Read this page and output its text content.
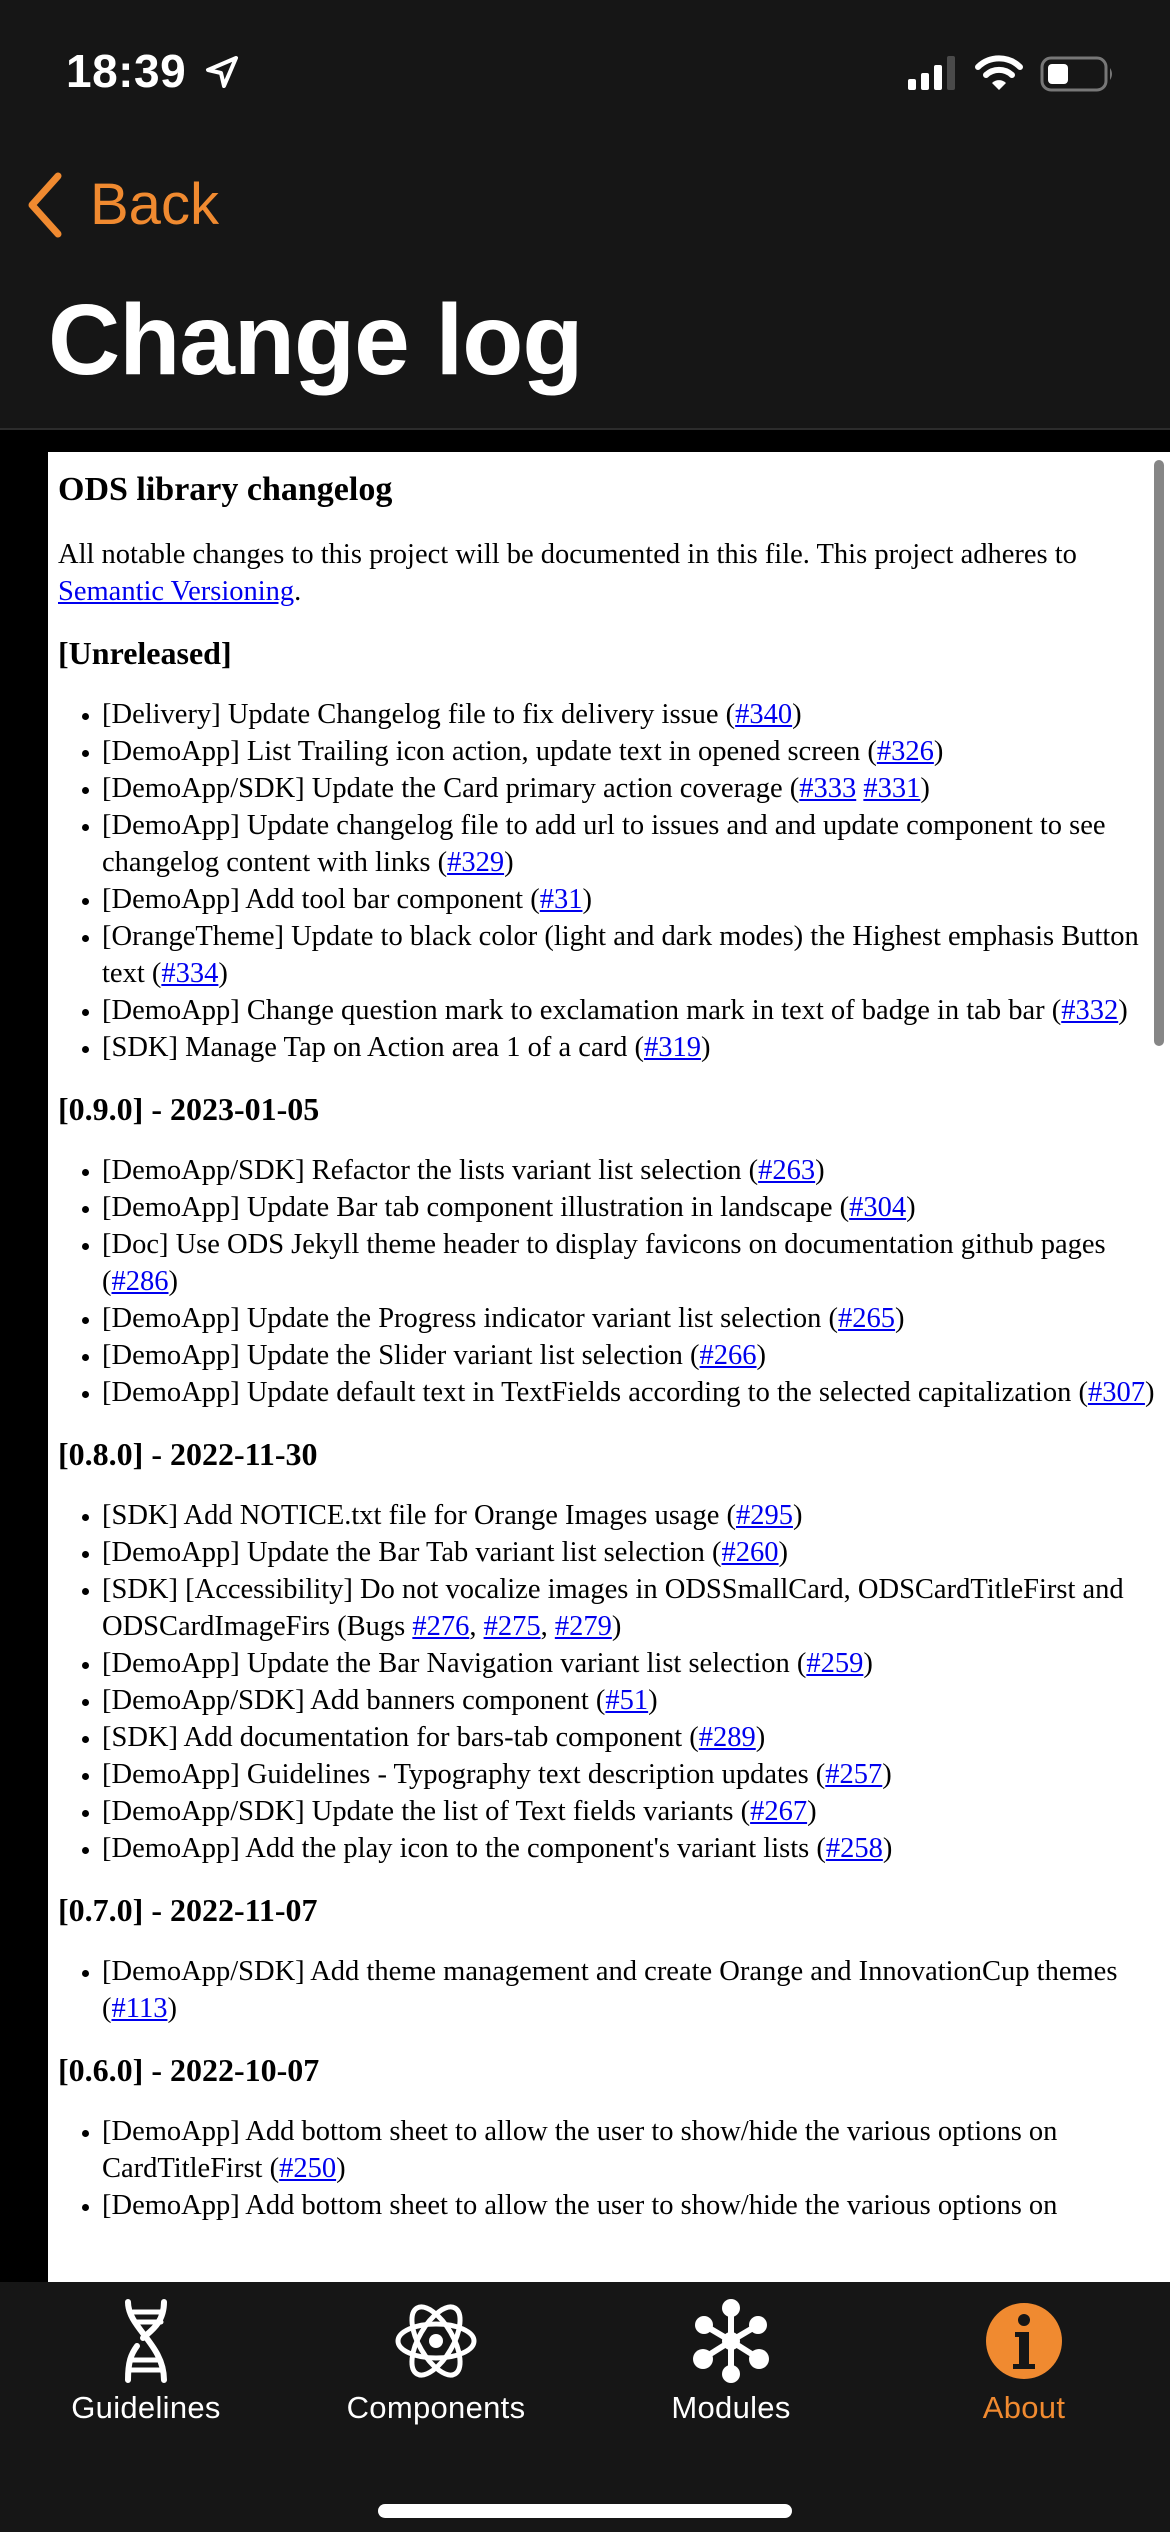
18:39
Back
Change log
ODS library changelog

All notable changes to this project will be documented in this file. This project adheres to Semantic Versioning.

[Unreleased]
• [Delivery] Update Changelog file to fix delivery issue (#340)
• [DemoApp] List Trailing icon action, update text in opened screen (#326)
• [DemoApp/SDK] Update the Card primary action coverage (#333 #331)
• [DemoApp] Update changelog file to add url to issues and and update component to see changelog content with links (#329)
• [DemoApp] Add tool bar component (#31)
• [OrangeTheme] Update to black color (light and dark modes) the Highest emphasis Button text (#334)
• [DemoApp] Change question mark to exclamation mark in text of badge in tab bar (#332)
• [SDK] Manage Tap on Action area 1 of a card (#319)
[0.9.0] - 2023-01-05
• [DemoApp/SDK] Refactor the lists variant list selection (#263)
• [DemoApp] Update Bar tab component illustration in landscape (#304)
• [Doc] Use ODS Jekyll theme header to display favicons on documentation github pages (#286)
• [DemoApp] Update the Progress indicator variant list selection (#265)
• [DemoApp] Update the Slider variant list selection (#266)
• [DemoApp] Update default text in TextFields according to the selected capitalization (#307)
[0.8.0] - 2022-11-30
• [SDK] Add NOTICE.txt file for Orange Images usage (#295)
• [DemoApp] Update the Bar Tab variant list selection (#260)
• [SDK] [Accessibility] Do not vocalize images in ODSSmallCard, ODSCardTitleFirst and ODSCardImageFirs (Bugs #276, #275, #279)
• [DemoApp] Update the Bar Navigation variant list selection (#259)
• [DemoApp/SDK] Add banners component (#51)
• [SDK] Add documentation for bars-tab component (#289)
• [DemoApp] Guidelines - Typography text description updates (#257)
• [DemoApp/SDK] Update the list of Text fields variants (#267)
• [DemoApp] Add the play icon to the component's variant lists (#258)
[0.7.0] - 2022-11-07
• [DemoApp/SDK] Add theme management and create Orange and InnovationCup themes (#113)
[0.6.0] - 2022-10-07
• [DemoApp] Add bottom sheet to allow the user to show/hide the various options on CardTitleFirst (#250)
• [DemoApp] Add bottom sheet to allow the user to show/hide the various options on
Guidelines	Components	Modules	About
